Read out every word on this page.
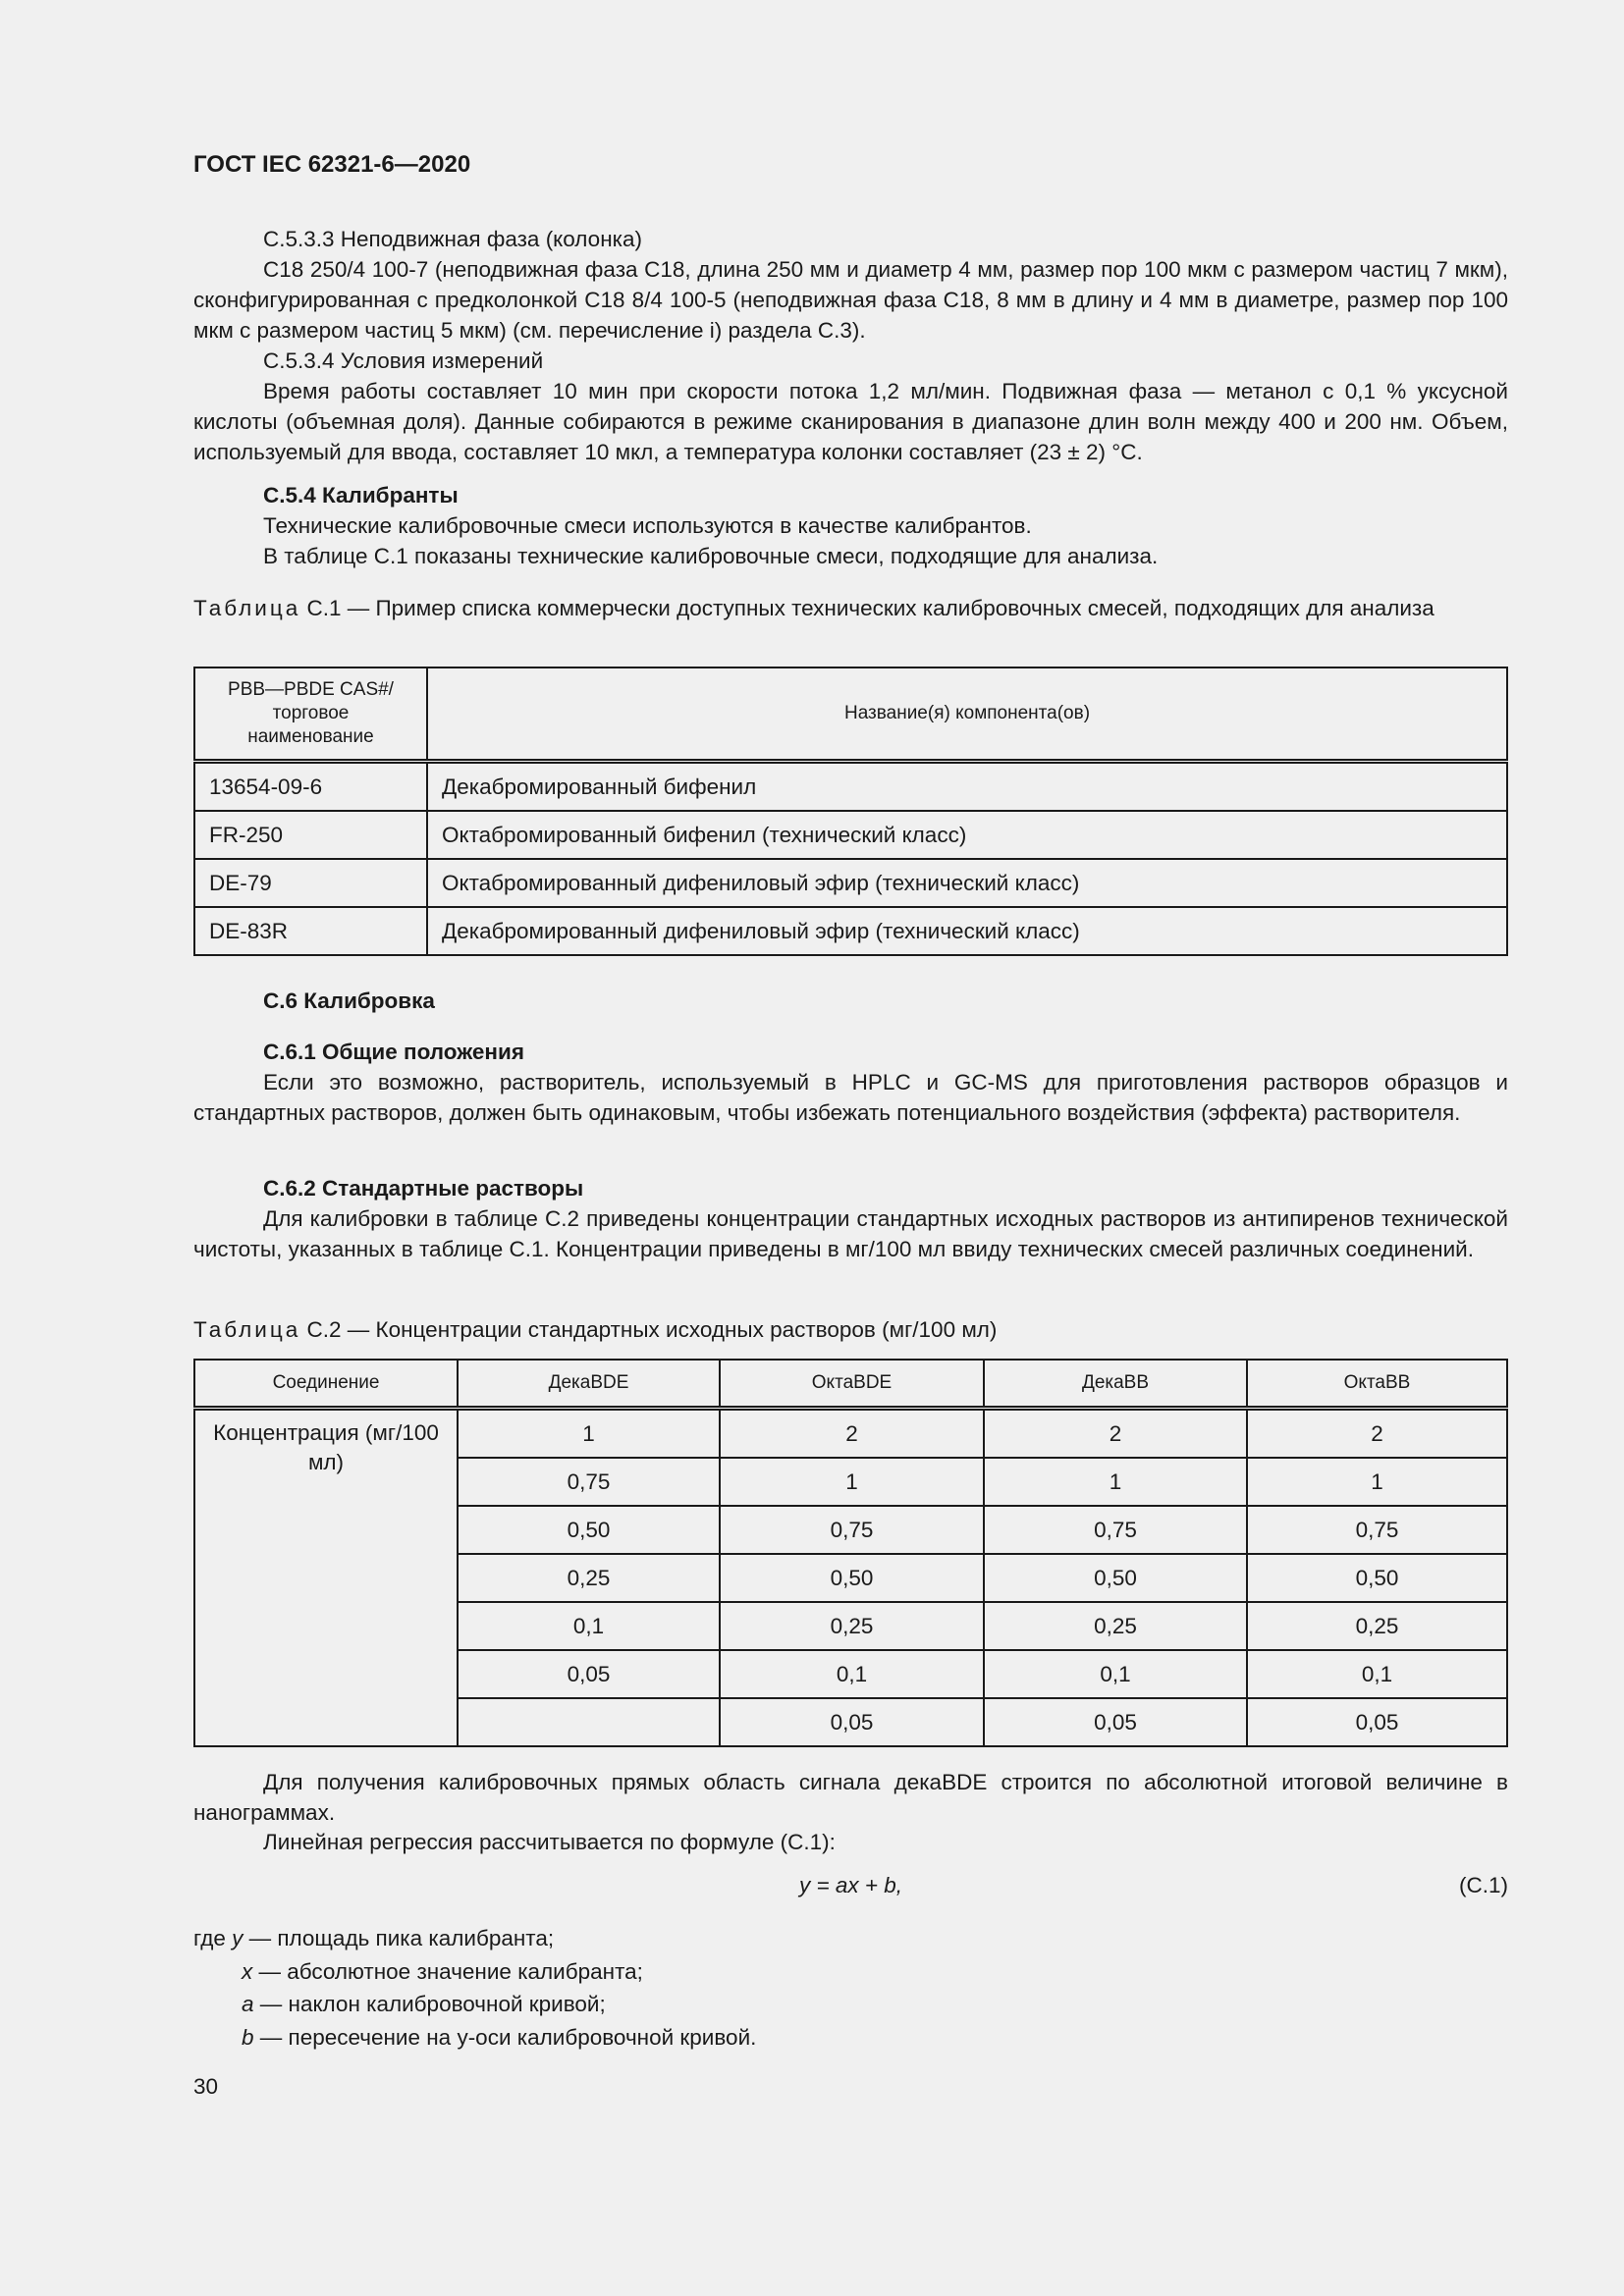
ГОСТ IEC 62321-6—2020
С.5.3.3 Неподвижная фаза (колонка)
С18 250/4 100-7 (неподвижная фаза С18, длина 250 мм и диаметр 4 мм, размер пор 100 мкм с размером частиц 7 мкм), сконфигурированная с предколонкой С18 8/4 100-5 (неподвижная фаза С18, 8 мм в длину и 4 мм в диаметре, размер пор 100 мкм с размером частиц 5 мкм) (см. перечисление i) раздела С.3).
С.5.3.4 Условия измерений
Время работы составляет 10 мин при скорости потока 1,2 мл/мин. Подвижная фаза — метанол с 0,1 % уксусной кислоты (объемная доля). Данные собираются в режиме сканирования в диапазоне длин волн между 400 и 200 нм. Объем, используемый для ввода, составляет 10 мкл, а температура колонки составляет (23 ± 2) °С.
С.5.4 Калибранты
Технические калибровочные смеси используются в качестве калибрантов.
В таблице С.1 показаны технические калибровочные смеси, подходящие для анализа.
Таблица С.1 — Пример списка коммерчески доступных технических калибровочных смесей, подходящих для анализа
PBB—PBDE CAS#/торговое наименование	Название(я) компонента(ов)
13654-09-6	Декабромированный бифенил
FR-250	Октабромированный бифенил (технический класс)
DE-79	Октабромированный дифениловый эфир (технический класс)
DE-83R	Декабромированный дифениловый эфир (технический класс)
С.6 Калибровка
С.6.1 Общие положения
Если это возможно, растворитель, используемый в HPLC и GC-MS для приготовления растворов образцов и стандартных растворов, должен быть одинаковым, чтобы избежать потенциального воздействия (эффекта) растворителя.
С.6.2 Стандартные растворы
Для калибровки в таблице С.2 приведены концентрации стандартных исходных растворов из антипиренов технической чистоты, указанных в таблице С.1. Концентрации приведены в мг/100 мл ввиду технических смесей различных соединений.
Таблица С.2 — Концентрации стандартных исходных растворов (мг/100 мл)
Соединение	ДекаBDE	ОктаBDE	ДекаBB	ОктаBB
Концентрация (мг/100 мл)	1	2	2	2
	0,75	1	1	1
	0,50	0,75	0,75	0,75
	0,25	0,50	0,50	0,50
	0,1	0,25	0,25	0,25
	0,05	0,1	0,1	0,1
		0,05	0,05	0,05
Для получения калибровочных прямых область сигнала декаBDE строится по абсолютной итоговой величине в нанограммах.
Линейная регрессия рассчитывается по формуле (С.1):
y = ax + b,	(С.1)
где y — площадь пика калибранта;
x — абсолютное значение калибранта;
a — наклон калибровочной кривой;
b — пересечение на y-оси калибровочной кривой.
30
